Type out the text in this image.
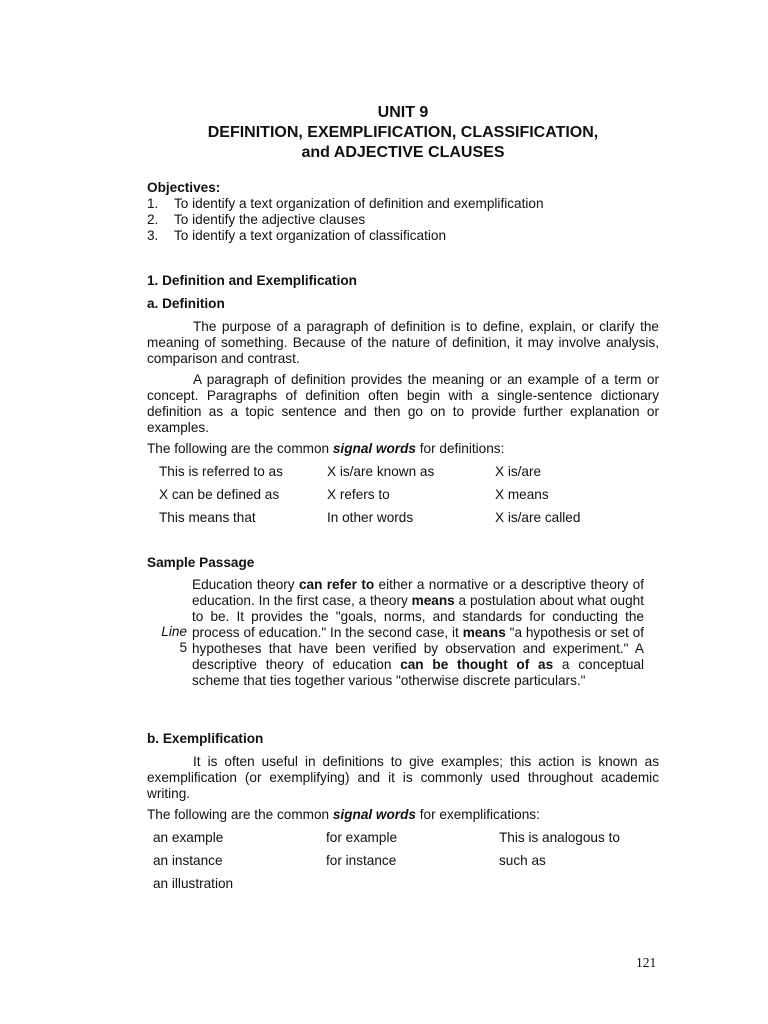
UNIT 9
DEFINITION, EXEMPLIFICATION, CLASSIFICATION,
and ADJECTIVE CLAUSES
Objectives:
1.	To identify a text organization of definition and exemplification
2.	To identify the adjective clauses
3.	To identify a text organization of classification
1. Definition and Exemplification
a. Definition

The purpose of a paragraph of definition is to define, explain, or clarify the meaning of something. Because of the nature of definition, it may involve analysis, comparison and contrast.

A paragraph of definition provides the meaning or an example of a term or concept. Paragraphs of definition often begin with a single-sentence dictionary definition as a topic sentence and then go on to provide further explanation or examples.

The following are the common signal words for definitions:
This is referred to as	X is/are known as	X is/are
X can be defined as	X refers to	X means
This means that	In other words	X is/are called
Sample Passage
Line
5
Education theory can refer to either a normative or a descriptive theory of education. In the first case, a theory means a postulation about what ought to be. It provides the "goals, norms, and standards for conducting the process of education." In the second case, it means "a hypothesis or set of hypotheses that have been verified by observation and experiment." A descriptive theory of education can be thought of as a conceptual scheme that ties together various "otherwise discrete particulars."
b. Exemplification

It is often useful in definitions to give examples; this action is known as exemplification (or exemplifying) and it is commonly used throughout academic writing.

The following are the common signal words for exemplifications:
an example	for example	This is analogous to
an instance	for instance	such as
an illustration
121
